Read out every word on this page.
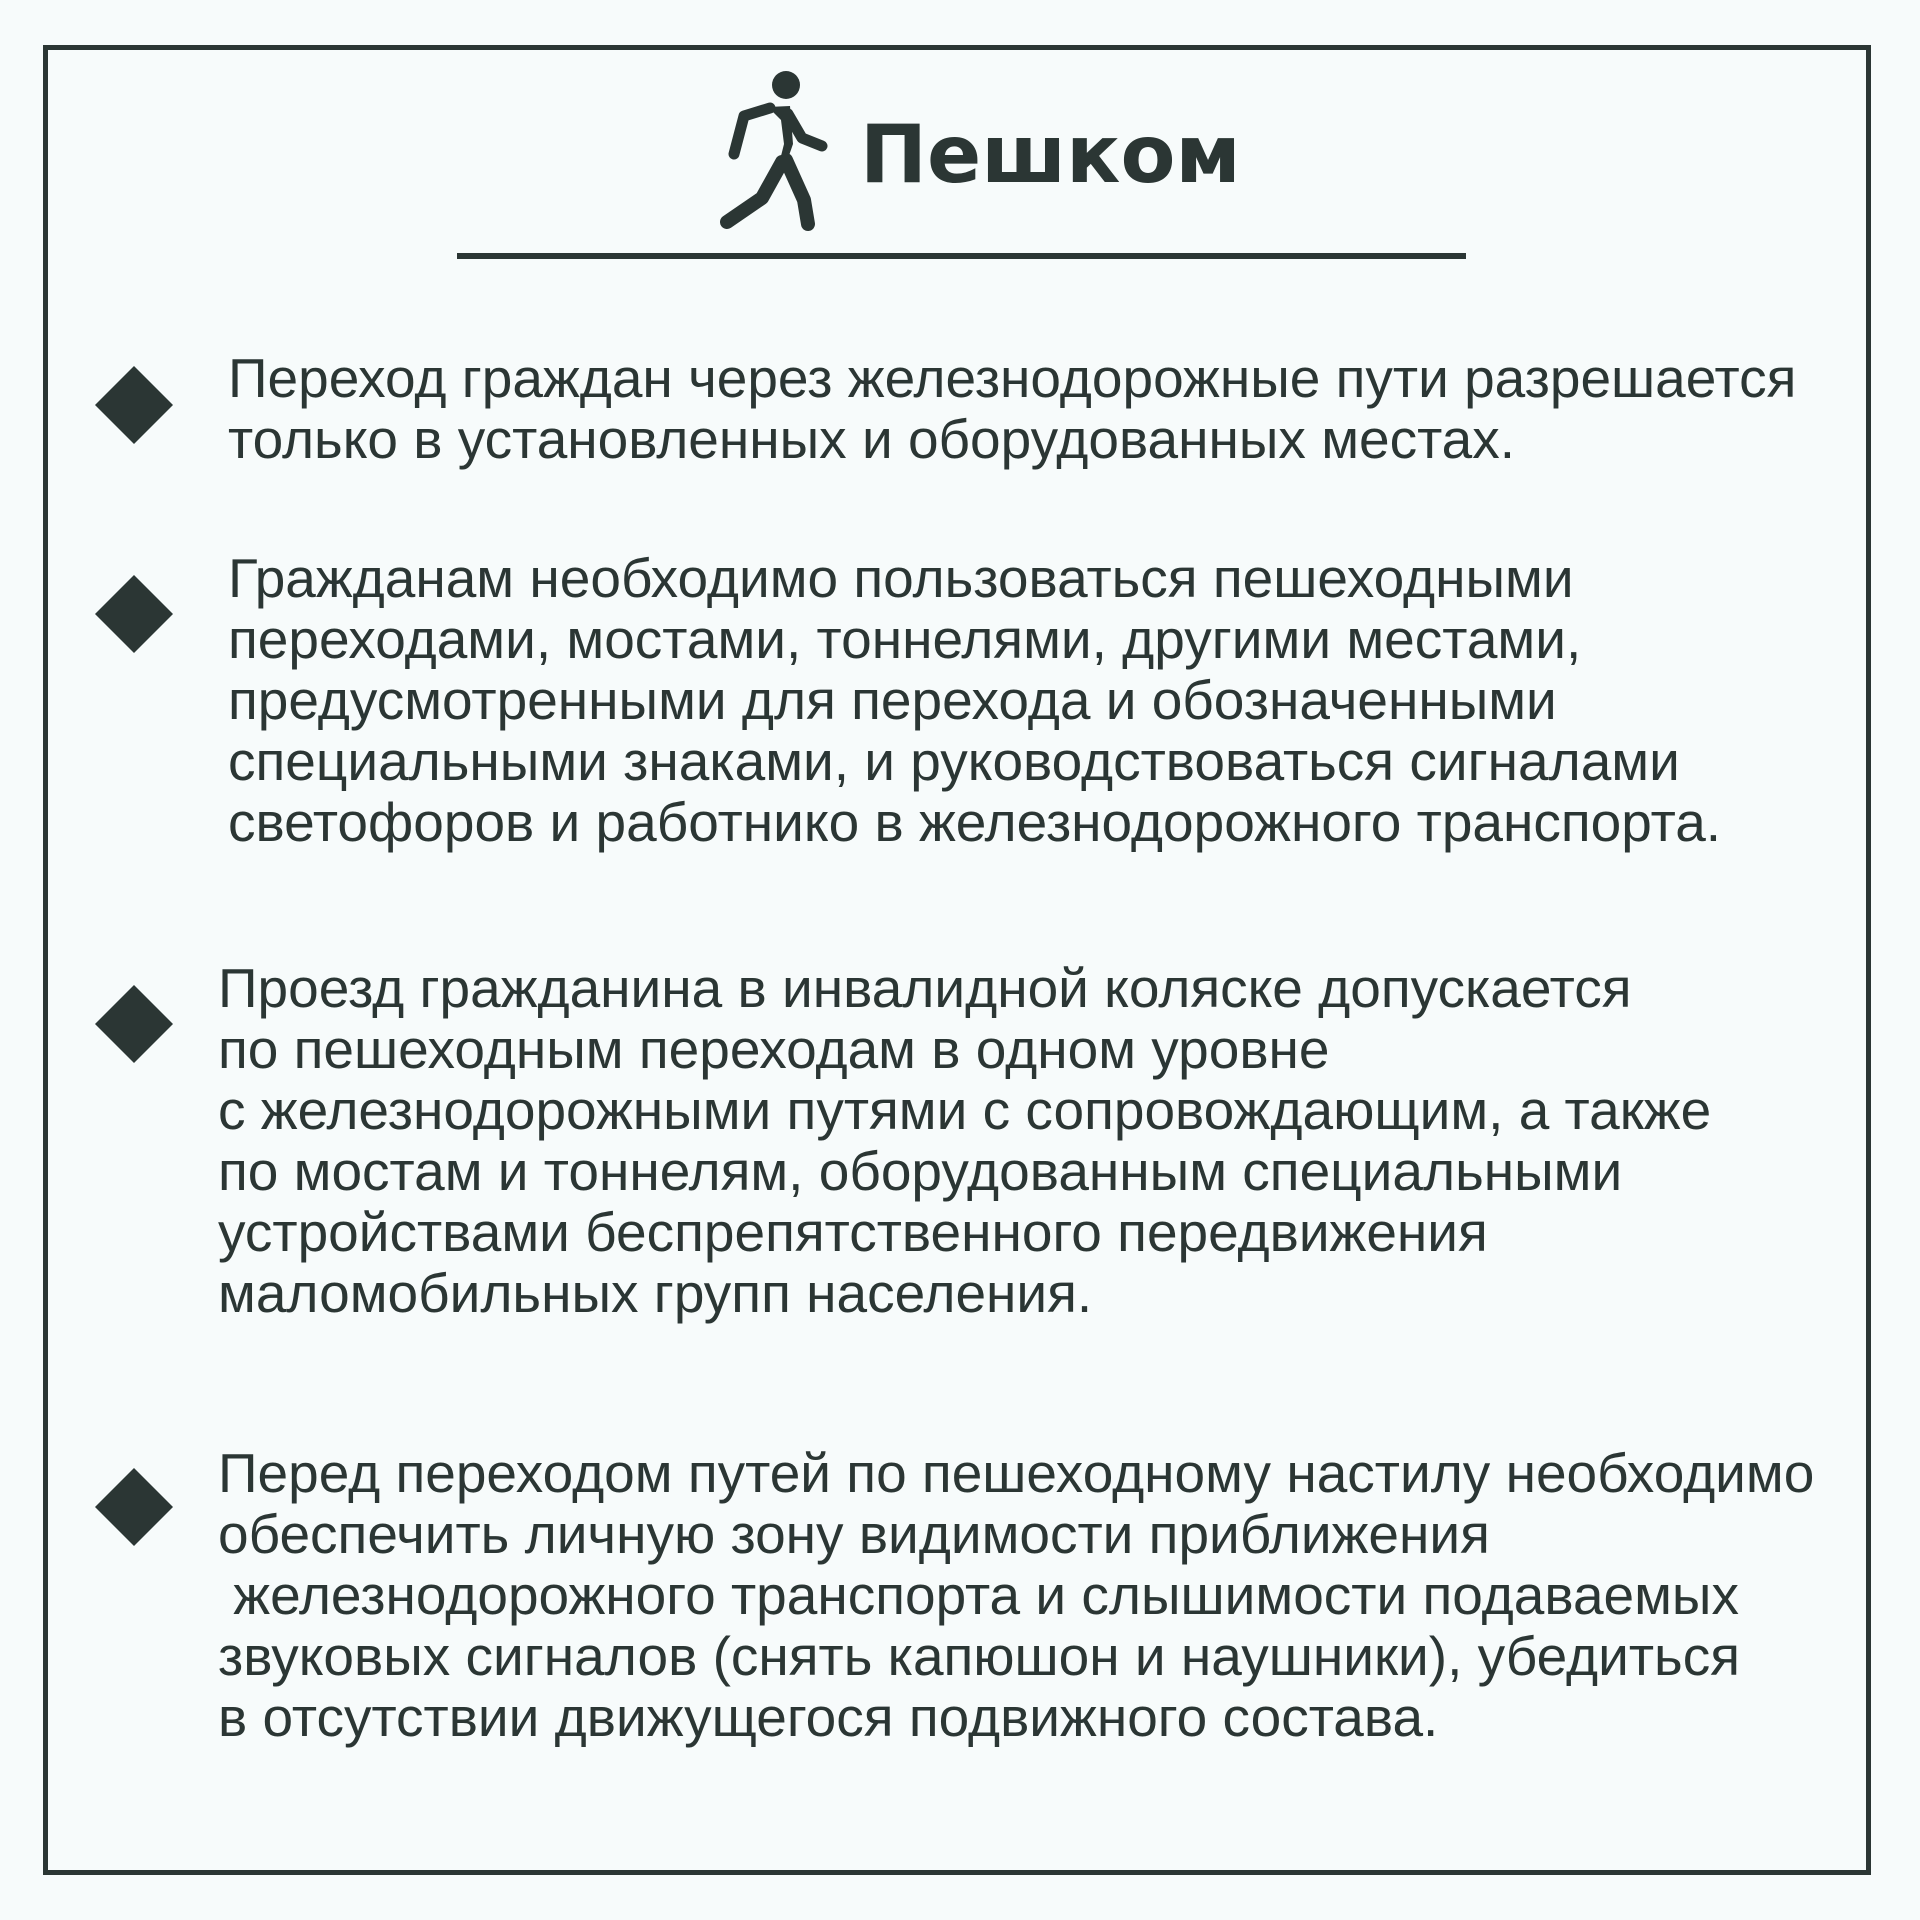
Пешком

Переход граждан через железнодорожные пути разрешается
только в установленных и оборудованных местах.

Гражданам необходимо пользоваться пешеходными
переходами, мостами, тоннелями, другими местами,
предусмотренными для перехода и обозначенными
специальными знаками, и руководствоваться сигналами
светофоров и работнико в железнодорожного транспорта.

Проезд гражданина в инвалидной коляске допускается
по пешеходным переходам в одном уровне
с железнодорожными путями с сопровождающим, а также
по мостам и тоннелям, оборудованным специальными
устройствами беспрепятственного передвижения
маломобильных групп населения.

Перед переходом путей по пешеходному настилу необходимо
обеспечить личную зону видимости приближения
железнодорожного транспорта и слышимости подаваемых
звуковых сигналов (снять капюшон и наушники), убедиться
в отсутствии движущегося подвижного состава.
